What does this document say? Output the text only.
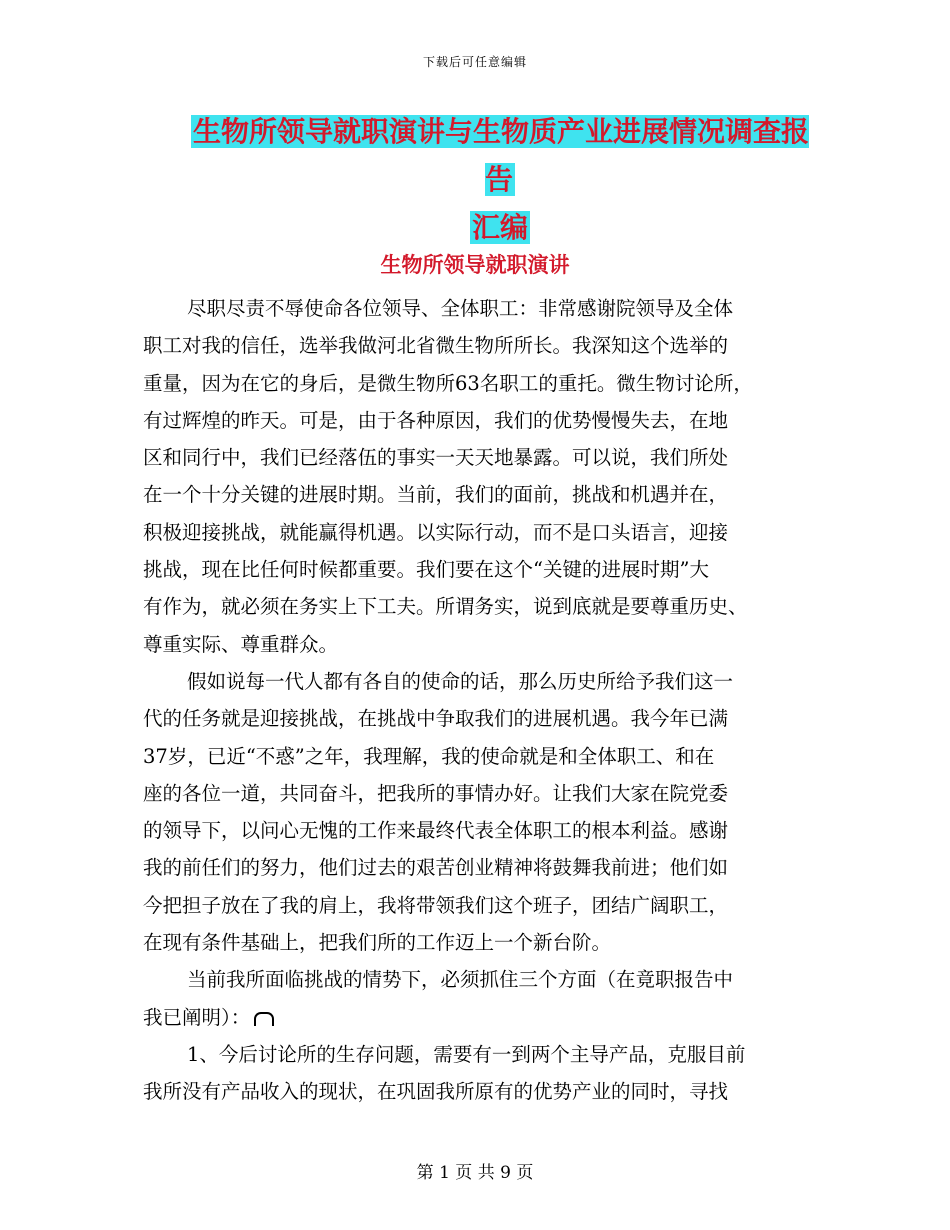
下载后可任意编辑
生物所领导就职演讲与生物质产业进展情况调查报告
汇编
生物所领导就职演讲
尽职尽责不辱使命各位领导、全体职工：非常感谢院领导及全体
职工对我的信任，选举我做河北省微生物所所长。我深知这个选举的
重量，因为在它的身后，是微生物所63名职工的重托。微生物讨论所，
有过辉煌的昨天。可是，由于各种原因，我们的优势慢慢失去，在地
区和同行中，我们已经落伍的事实一天天地暴露。可以说，我们所处
在一个十分关键的进展时期。当前，我们的面前，挑战和机遇并在，
积极迎接挑战，就能赢得机遇。以实际行动，而不是口头语言，迎接
挑战，现在比任何时候都重要。我们要在这个“关键的进展时期”大
有作为，就必须在务实上下工夫。所谓务实，说到底就是要尊重历史、
尊重实际、尊重群众。
假如说每一代人都有各自的使命的话，那么历史所给予我们这一
代的任务就是迎接挑战，在挑战中争取我们的进展机遇。我今年已满
37岁，已近“不惑”之年，我理解，我的使命就是和全体职工、和在
座的各位一道，共同奋斗，把我所的事情办好。让我们大家在院党委
的领导下，以问心无愧的工作来最终代表全体职工的根本利益。感谢
我的前任们的努力，他们过去的艰苦创业精神将鼓舞我前进；他们如
今把担子放在了我的肩上，我将带领我们这个班子，团结广阔职工，
在现有条件基础上，把我们所的工作迈上一个新台阶。
当前我所面临挑战的情势下，必须抓住三个方面（在竟职报告中
我已阐明）：
1、今后讨论所的生存问题，需要有一到两个主导产品，克服目前
我所没有产品收入的现状，在巩固我所原有的优势产业的同时，寻找
第 1 页 共 9 页
